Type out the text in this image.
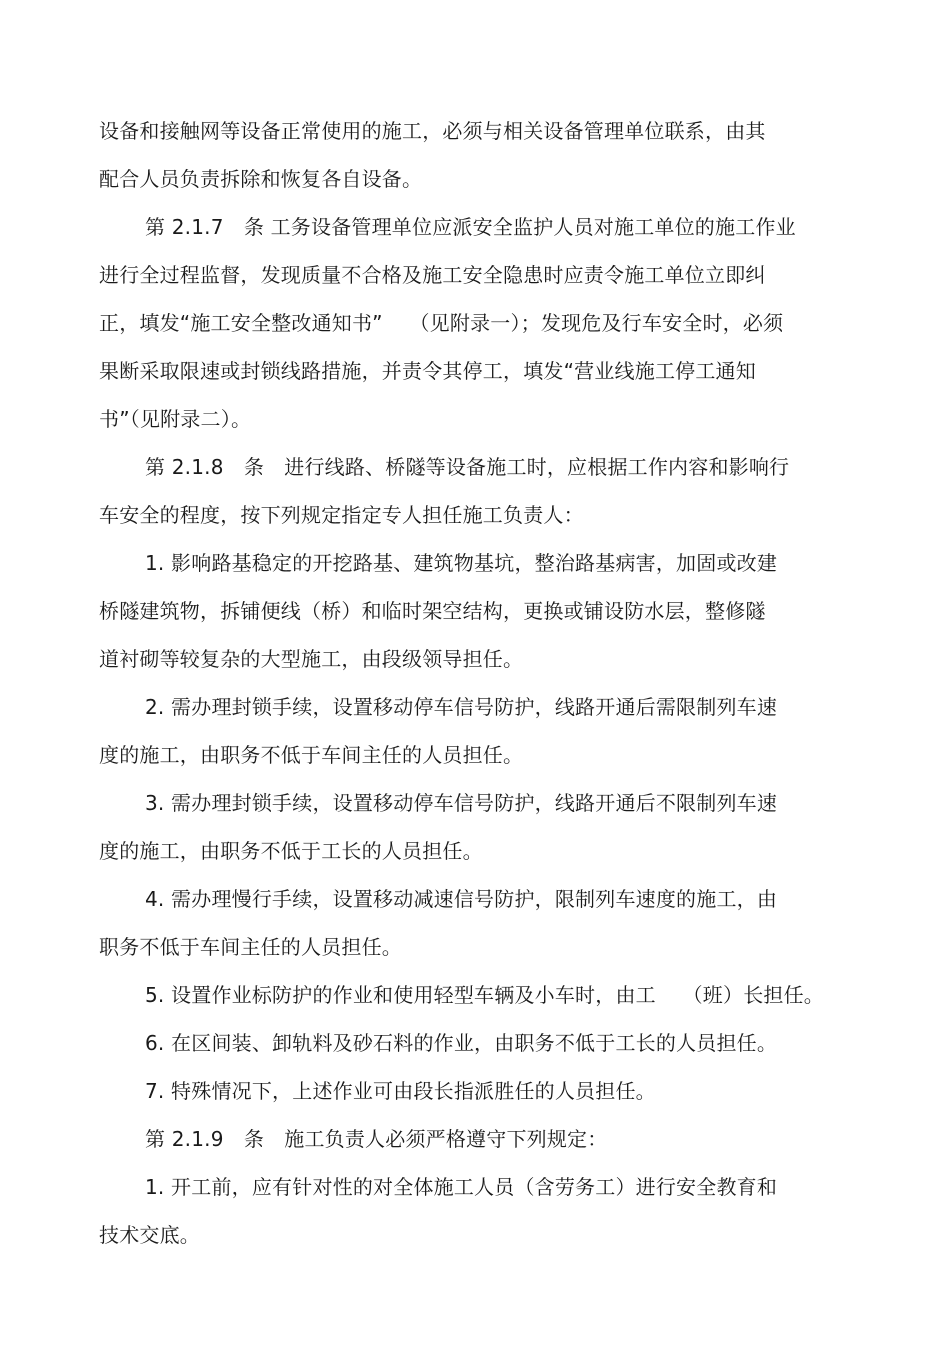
设备和接触网等设备正常使用的施工，必须与相关设备管理单位联系，由其
配合人员负责拆除和恢复各自设备。
第 2.1.7　条 工务设备管理单位应派安全监护人员对施工单位的施工作业
进行全过程监督，发现质量不合格及施工安全隐患时应责令施工单位立即纠
正，填发“施工安全整改通知书”　 （见附录一）；发现危及行车安全时，必须
果断采取限速或封锁线路措施，并责令其停工，填发“营业线施工停工通知
书”（见附录二）。
第 2.1.8　条　进行线路、桥隧等设备施工时，应根据工作内容和影响行
车安全的程度，按下列规定指定专人担任施工负责人：
1. 影响路基稳定的开挖路基、建筑物基坑，整治路基病害，加固或改建
桥隧建筑物，拆铺便线（桥）和临时架空结构，更换或铺设防水层，整修隧
道衬砌等较复杂的大型施工，由段级领导担任。
2. 需办理封锁手续，设置移动停车信号防护，线路开通后需限制列车速
度的施工，由职务不低于车间主任的人员担任。
3. 需办理封锁手续，设置移动停车信号防护，线路开通后不限制列车速
度的施工，由职务不低于工长的人员担任。
4. 需办理慢行手续，设置移动减速信号防护，限制列车速度的施工，由
职务不低于车间主任的人员担任。
5. 设置作业标防护的作业和使用轻型车辆及小车时，由工　 （班）长担任。
6. 在区间装、卸轨料及砂石料的作业，由职务不低于工长的人员担任。
7. 特殊情况下，上述作业可由段长指派胜任的人员担任。
第 2.1.9　条　施工负责人必须严格遵守下列规定：
1. 开工前，应有针对性的对全体施工人员（含劳务工）进行安全教育和
技术交底。
